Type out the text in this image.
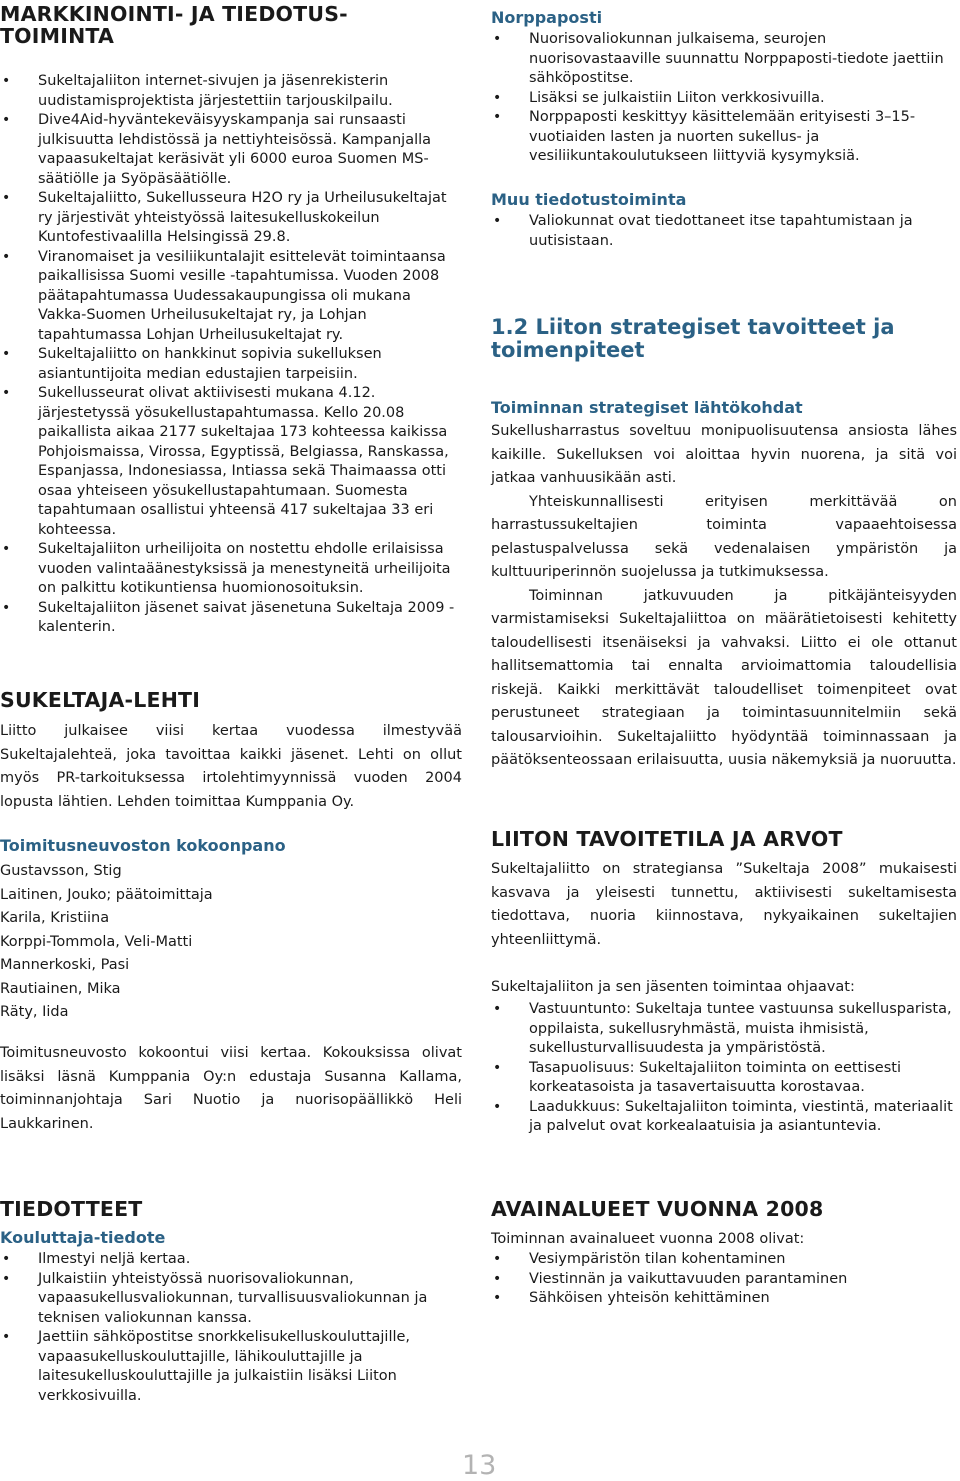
MARKKINOINTI- JA TIEDOTUS-TOIMINTA
• Sukeltajaliiton internet-sivujen ja jäsenrekisterin uudistamisprojektista järjestettiin tarjouskilpailu.
• Dive4Aid-hyväntekeväisyyskampanja sai runsaasti julkisuutta lehdistössä ja nettiyhteisössä. Kampanjalla vapaasukeltajat keräsivät yli 6000 euroa Suomen MS-säätiölle ja Syöpäsäätiölle.
• Sukeltajaliitto, Sukellusseura H2O ry ja Urheilusukeltajat ry järjestivät yhteistyössä laitesukelluskokeilun Kuntofestivaalilla Helsingissä 29.8.
• Viranomaiset ja vesiliikuntalajit esittelevät toimintaansa paikallisissa Suomi vesille -tapahtumissa. Vuoden 2008 päätapahtumassa Uudessakaupungissa oli mukana Vakka-Suomen Urheilusukeltajat ry, ja Lohjan tapahtumassa Lohjan Urheilusukeltajat ry.
• Sukeltajaliitto on hankkinut sopivia sukelluksen asiantuntijoita median edustajien tarpeisiin.
• Sukellusseurat olivat aktiivisesti mukana 4.12. järjestetyssä yösukellustapahtumassa. Kello 20.08 paikallista aikaa 2177 sukeltajaa 173 kohteessa kaikissa Pohjoismaissa, Virossa, Egyptissä, Belgiassa, Ranskassa, Espanjassa, Indonesiassa, Intiassa sekä Thaimaassa otti osaa yhteiseen yösukellustapahtumaan. Suomesta tapahtumaan osallistui yhteensä 417 sukeltajaa 33 eri kohteessa.
• Sukeltajaliiton urheilijoita on nostettu ehdolle erilaisissa vuoden valintaäänestyksissä ja menestyneitä urheilijoita on palkittu kotikuntiensa huomionosoituksin.
• Sukeltajaliiton jäsenet saivat jäsenetuna Sukeltaja 2009 -kalenterin.
SUKELTAJA-LEHTI

Liitto julkaisee viisi kertaa vuodessa ilmestyvää Sukeltajalehteä, joka tavoittaa kaikki jäsenet. Lehti on ollut myös PR-tarkoituksessa irtolehtimyynnissä vuoden 2004 lopusta lähtien. Lehden toimittaa Kumppania Oy.

Toimitusneuvoston kokoonpano

Gustavsson, Stig

Laitinen, Jouko; päätoimittaja

Karila, Kristiina

Korppi-Tommola, Veli-Matti

Mannerkoski, Pasi

Rautiainen, Mika

Räty, Iida

Toimitusneuvosto kokoontui viisi kertaa. Kokouksissa olivat lisäksi läsnä Kumppania Oy:n edustaja Susanna Kallama, toiminnanjohtaja Sari Nuotio ja nuorisopäällikkö Heli Laukkarinen.

TIEDOTTEET
Kouluttaja-tiedote
• Ilmestyi neljä kertaa.
• Julkaistiin yhteistyössä nuorisovaliokunnan, vapaasukellusvaliokunnan, turvallisuusvaliokunnan ja teknisen valiokunnan kanssa.
• Jaettiin sähköpostitse snorkkelisukelluskouluttajille, vapaasukelluskouluttajille, lähikouluttajille ja laitesukelluskouluttajille ja julkaistiin lisäksi Liiton verkkosivuilla.
Norppaposti
• Nuorisovaliokunnan julkaisema, seurojen nuorisovastaaville suunnattu Norppaposti-tiedote jaettiin sähköpostitse.
• Lisäksi se julkaistiin Liiton verkkosivuilla.
• Norppaposti keskittyy käsittelemään erityisesti 3–15-vuotiaiden lasten ja nuorten sukellus- ja vesiliikuntakoulutukseen liittyviä kysymyksiä.
Muu tiedotustoiminta
• Valiokunnat ovat tiedottaneet itse tapahtumistaan ja uutisistaan.
1.2 Liiton strategiset tavoitteet ja toimenpiteet
Toiminnan strategiset lähtökohdat

Sukellusharrastus soveltuu monipuolisuutensa ansiosta lähes kaikille. Sukelluksen voi aloittaa hyvin nuorena, ja sitä voi jatkaa vanhuusikään asti.

Yhteiskunnallisesti erityisen merkittävää on harrastussukeltajien toiminta vapaaehtoisessa pelastuspalvelussa sekä vedenalaisen ympäristön ja kulttuuriperinnön suojelussa ja tutkimuksessa.

Toiminnan jatkuvuuden ja pitkäjänteisyyden varmistamiseksi Sukeltajaliittoa on määrätietoisesti kehitetty taloudellisesti itsenäiseksi ja vahvaksi. Liitto ei ole ottanut hallitsemattomia tai ennalta arvioimattomia taloudellisia riskejä. Kaikki merkittävät taloudelliset toimenpiteet ovat perustuneet strategiaan ja toimintasuunnitelmiin sekä talousarvioihin. Sukeltajaliitto hyödyntää toiminnassaan ja päätöksenteossaan erilaisuutta, uusia näkemyksiä ja nuoruutta.

LIITON TAVOITETILA JA ARVOT

Sukeltajaliitto on strategiansa ”Sukeltaja 2008” mukaisesti kasvava ja yleisesti tunnettu, aktiivisesti sukeltamisesta tiedottava, nuoria kiinnostava, nykyaikainen sukeltajien yhteenliittymä.

Sukeltajaliiton ja sen jäsenten toimintaa ohjaavat:

• Vastuuntunto: Sukeltaja tuntee vastuunsa sukellusparista, oppilaista, sukellusryhmästä, muista ihmisistä, sukellusturvallisuudesta ja ympäristöstä.
• Tasapuolisuus: Sukeltajaliiton toiminta on eettisesti korkeatasoista ja tasavertaisuutta korostavaa.
• Laadukkuus: Sukeltajaliiton toiminta, viestintä, materiaalit ja palvelut ovat korkealaatuisia ja asiantuntevia.
AVAINALUEET VUONNA 2008

Toiminnan avainalueet vuonna 2008 olivat:

• Vesiympäristön tilan kohentaminen
• Viestinnän ja vaikuttavuuden parantaminen
• Sähköisen yhteisön kehittäminen
13
